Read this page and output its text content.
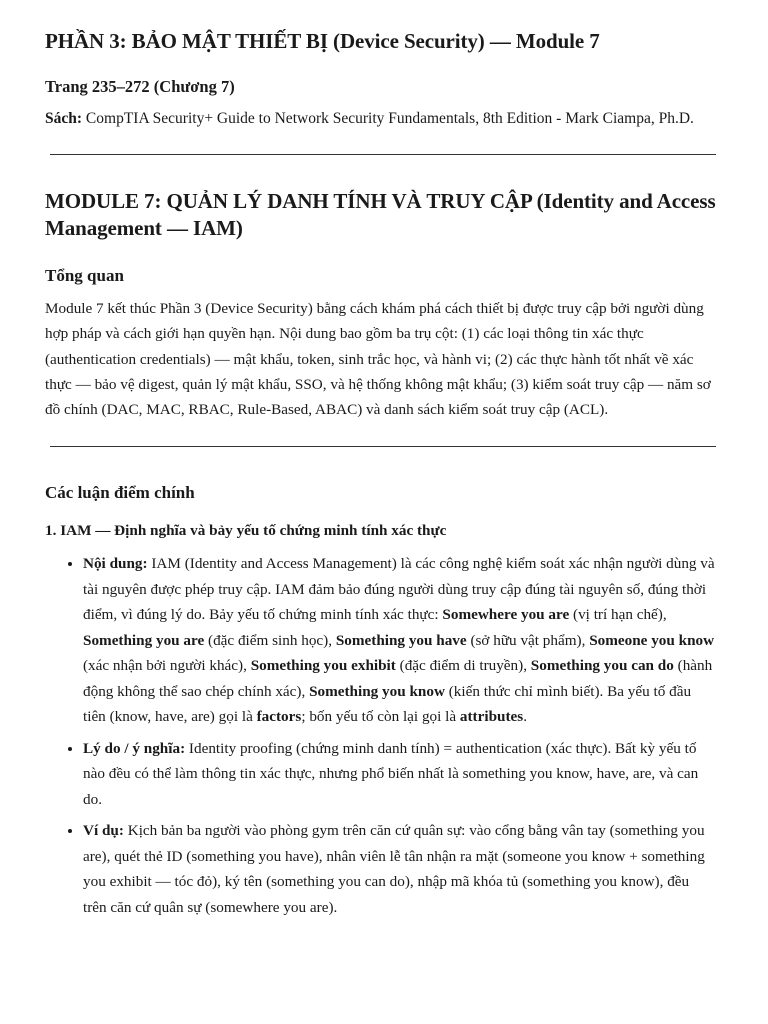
PHẦN 3: BẢO MẬT THIẾT BỊ (Device Security) — Module 7
Trang 235–272 (Chương 7)

Sách: CompTIA Security+ Guide to Network Security Fundamentals, 8th Edition - Mark Ciampa, Ph.D.

MODULE 7: QUẢN LÝ DANH TÍNH VÀ TRUY CẬP (Identity and Access Management — IAM)
Tổng quan

Module 7 kết thúc Phần 3 (Device Security) bằng cách khám phá cách thiết bị được truy cập bởi người dùng hợp pháp và cách giới hạn quyền hạn. Nội dung bao gồm ba trụ cột: (1) các loại thông tin xác thực (authentication credentials) — mật khẩu, token, sinh trắc học, và hành vi; (2) các thực hành tốt nhất về xác thực — bảo vệ digest, quản lý mật khẩu, SSO, và hệ thống không mật khẩu; (3) kiểm soát truy cập — năm sơ đồ chính (DAC, MAC, RBAC, Rule-Based, ABAC) và danh sách kiểm soát truy cập (ACL).

Các luận điểm chính
1. IAM — Định nghĩa và bảy yếu tố chứng minh tính xác thực
• Nội dung: IAM (Identity and Access Management) là các công nghệ kiểm soát xác nhận người dùng và tài nguyên được phép truy cập. IAM đảm bảo đúng người dùng truy cập đúng tài nguyên số, đúng thời điểm, vì đúng lý do. Bảy yếu tố chứng minh tính xác thực: Somewhere you are (vị trí hạn chế), Something you are (đặc điểm sinh học), Something you have (sở hữu vật phẩm), Someone you know (xác nhận bởi người khác), Something you exhibit (đặc điểm di truyền), Something you can do (hành động không thể sao chép chính xác), Something you know (kiến thức chỉ mình biết). Ba yếu tố đầu tiên (know, have, are) gọi là factors; bốn yếu tố còn lại gọi là attributes.
• Lý do / ý nghĩa: Identity proofing (chứng minh danh tính) = authentication (xác thực). Bất kỳ yếu tố nào đều có thể làm thông tin xác thực, nhưng phổ biến nhất là something you know, have, are, và can do.
• Ví dụ: Kịch bản ba người vào phòng gym trên căn cứ quân sự: vào cổng bằng vân tay (something you are), quét thẻ ID (something you have), nhân viên lễ tân nhận ra mặt (someone you know + something you exhibit — tóc đỏ), ký tên (something you can do), nhập mã khóa tủ (something you know), đều trên căn cứ quân sự (somewhere you are).
